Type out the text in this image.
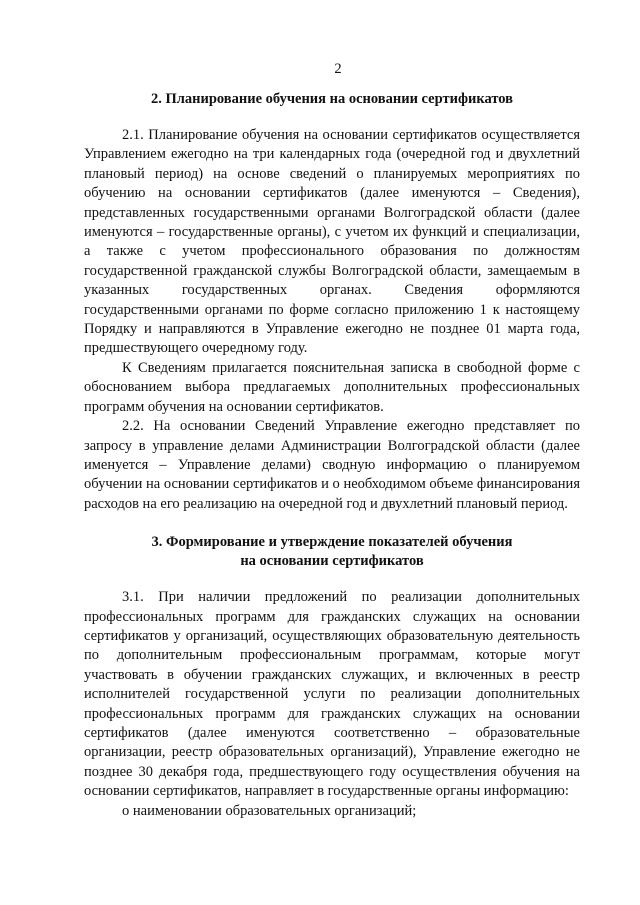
2
2. Планирование обучения на основании сертификатов

2.1. Планирование обучения на основании сертификатов осуществляется Управлением ежегодно на три календарных года (очередной год и двухлетний плановый период) на основе сведений о планируемых мероприятиях по обучению на основании сертификатов (далее именуются – Сведения), представленных государственными органами Волгоградской области (далее именуются – государственные органы), с учетом их функций и специализации, а также с учетом профессионального образования по должностям государственной гражданской службы Волгоградской области, замещаемым в указанных государственных органах. Сведения оформляются государственными органами по форме согласно приложению 1 к настоящему Порядку и направляются в Управление ежегодно не позднее 01 марта года, предшествующего очередному году.

К Сведениям прилагается пояснительная записка в свободной форме с обоснованием выбора предлагаемых дополнительных профессиональных программ обучения на основании сертификатов.

2.2. На основании Сведений Управление ежегодно представляет по запросу в управление делами Администрации Волгоградской области (далее именуется – Управление делами) сводную информацию о планируемом обучении на основании сертификатов и о необходимом объеме финансирования расходов на его реализацию на очередной год и двухлетний плановый период.

3. Формирование и утверждение показателей обучения
на основании сертификатов

3.1. При наличии предложений по реализации дополнительных профессиональных программ для гражданских служащих на основании сертификатов у организаций, осуществляющих образовательную деятельность по дополнительным профессиональным программам, которые могут участвовать в обучении гражданских служащих, и включенных в реестр исполнителей государственной услуги по реализации дополнительных профессиональных программ для гражданских служащих на основании сертификатов (далее именуются соответственно – образовательные организации, реестр образовательных организаций), Управление ежегодно не позднее 30 декабря года, предшествующего году осуществления обучения на основании сертификатов, направляет в государственные органы информацию:

о наименовании образовательных организаций;
